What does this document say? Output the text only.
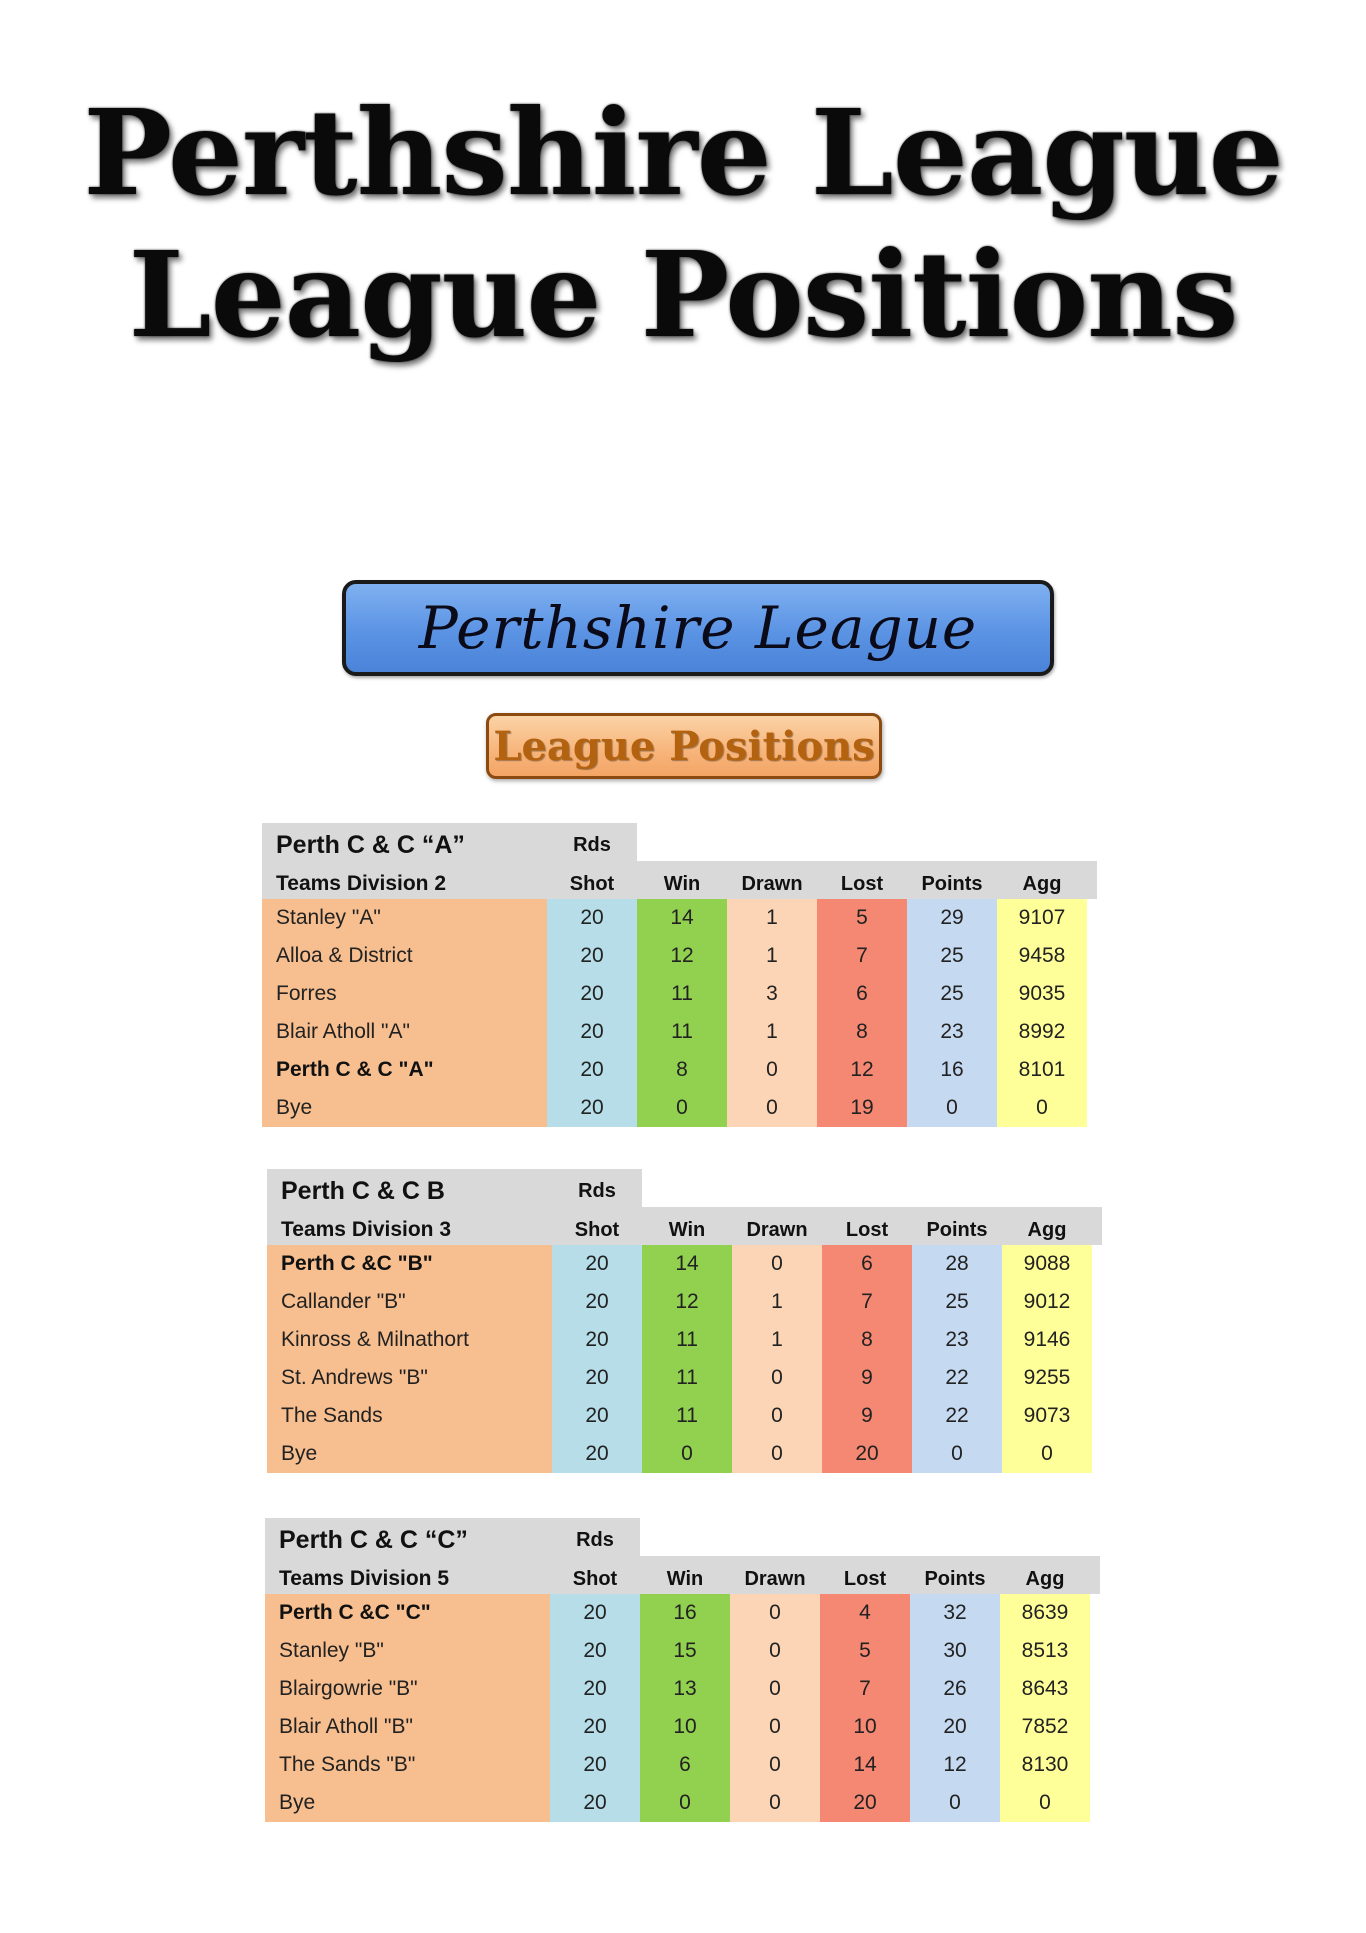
Perthshire League
League Positions
Perthshire League
League Positions
Perth C & C “A”	Rds
Teams Division 2	Shot	Win	Drawn	Lost	Points	Agg
Stanley "A"	20	14	1	5	29	9107
Alloa & District	20	12	1	7	25	9458
Forres	20	11	3	6	25	9035
Blair Atholl "A"	20	11	1	8	23	8992
Perth C & C "A"	20	8	0	12	16	8101
Bye	20	0	0	19	0	0
Perth C & C B	Rds
Teams Division 3	Shot	Win	Drawn	Lost	Points	Agg
Perth C &C "B"	20	14	0	6	28	9088
Callander "B"	20	12	1	7	25	9012
Kinross & Milnathort	20	11	1	8	23	9146
St. Andrews "B"	20	11	0	9	22	9255
The Sands	20	11	0	9	22	9073
Bye	20	0	0	20	0	0
Perth C & C “C”	Rds
Teams Division 5	Shot	Win	Drawn	Lost	Points	Agg
Perth C &C "C"	20	16	0	4	32	8639
Stanley "B"	20	15	0	5	30	8513
Blairgowrie "B"	20	13	0	7	26	8643
Blair Atholl "B"	20	10	0	10	20	7852
The Sands "B"	20	6	0	14	12	8130
Bye	20	0	0	20	0	0
